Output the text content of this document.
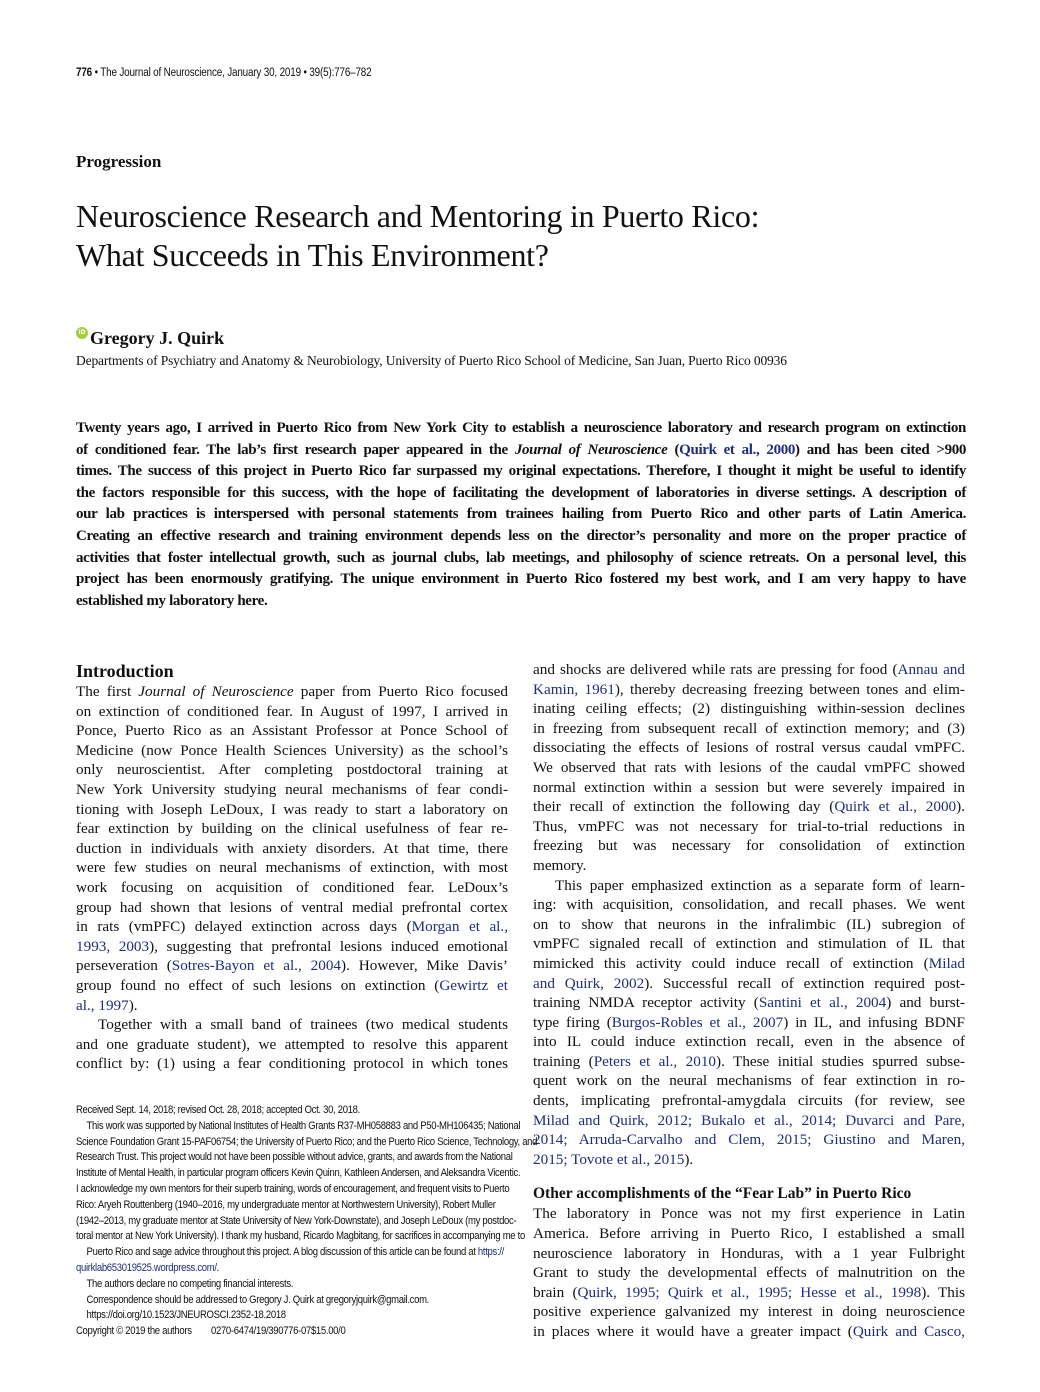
776 • The Journal of Neuroscience, January 30, 2019 • 39(5):776–782
Progression
Neuroscience Research and Mentoring in Puerto Rico:
What Succeeds in This Environment?
iD Gregory J. Quirk
Departments of Psychiatry and Anatomy & Neurobiology, University of Puerto Rico School of Medicine, San Juan, Puerto Rico 00936
Twenty years ago, I arrived in Puerto Rico from New York City to establish a neuroscience laboratory and research program on extinction
of conditioned fear. The lab’s first research paper appeared in the Journal of Neuroscience (Quirk et al., 2000) and has been cited >900
times. The success of this project in Puerto Rico far surpassed my original expectations. Therefore, I thought it might be useful to identify
the factors responsible for this success, with the hope of facilitating the development of laboratories in diverse settings. A description of
our lab practices is interspersed with personal statements from trainees hailing from Puerto Rico and other parts of Latin America.
Creating an effective research and training environment depends less on the director’s personality and more on the proper practice of
activities that foster intellectual growth, such as journal clubs, lab meetings, and philosophy of science retreats. On a personal level, this
project has been enormously gratifying. The unique environment in Puerto Rico fostered my best work, and I am very happy to have
established my laboratory here.
Introduction
The first Journal of Neuroscience paper from Puerto Rico focused
on extinction of conditioned fear. In August of 1997, I arrived in
Ponce, Puerto Rico as an Assistant Professor at Ponce School of
Medicine (now Ponce Health Sciences University) as the school’s
only neuroscientist. After completing postdoctoral training at
New York University studying neural mechanisms of fear condi-
tioning with Joseph LeDoux, I was ready to start a laboratory on
fear extinction by building on the clinical usefulness of fear re-
duction in individuals with anxiety disorders. At that time, there
were few studies on neural mechanisms of extinction, with most
work focusing on acquisition of conditioned fear. LeDoux’s
group had shown that lesions of ventral medial prefrontal cortex
in rats (vmPFC) delayed extinction across days (Morgan et al.,
1993, 2003), suggesting that prefrontal lesions induced emotional
perseveration (Sotres-Bayon et al., 2004). However, Mike Davis’
group found no effect of such lesions on extinction (Gewirtz et
al., 1997).
Together with a small band of trainees (two medical students
and one graduate student), we attempted to resolve this apparent
conflict by: (1) using a fear conditioning protocol in which tones
and shocks are delivered while rats are pressing for food (Annau and
Kamin, 1961), thereby decreasing freezing between tones and elim-
inating ceiling effects; (2) distinguishing within-session declines
in freezing from subsequent recall of extinction memory; and (3)
dissociating the effects of lesions of rostral versus caudal vmPFC.
We observed that rats with lesions of the caudal vmPFC showed
normal extinction within a session but were severely impaired in
their recall of extinction the following day (Quirk et al., 2000).
Thus, vmPFC was not necessary for trial-to-trial reductions in
freezing but was necessary for consolidation of extinction
memory.
This paper emphasized extinction as a separate form of learn-
ing: with acquisition, consolidation, and recall phases. We went
on to show that neurons in the infralimbic (IL) subregion of
vmPFC signaled recall of extinction and stimulation of IL that
mimicked this activity could induce recall of extinction (Milad
and Quirk, 2002). Successful recall of extinction required post-
training NMDA receptor activity (Santini et al., 2004) and burst-
type firing (Burgos-Robles et al., 2007) in IL, and infusing BDNF
into IL could induce extinction recall, even in the absence of
training (Peters et al., 2010). These initial studies spurred subse-
quent work on the neural mechanisms of fear extinction in ro-
dents, implicating prefrontal-amygdala circuits (for review, see
Milad and Quirk, 2012; Bukalo et al., 2014; Duvarci and Pare,
2014; Arruda-Carvalho and Clem, 2015; Giustino and Maren,
2015; Tovote et al., 2015).
Other accomplishments of the “Fear Lab” in Puerto Rico
The laboratory in Ponce was not my first experience in Latin
America. Before arriving in Puerto Rico, I established a small
neuroscience laboratory in Honduras, with a 1 year Fulbright
Grant to study the developmental effects of malnutrition on the
brain (Quirk, 1995; Quirk et al., 1995; Hesse et al., 1998). This
positive experience galvanized my interest in doing neuroscience
in places where it would have a greater impact (Quirk and Casco,
Received Sept. 14, 2018; revised Oct. 28, 2018; accepted Oct. 30, 2018.
This work was supported by National Institutes of Health Grants R37-MH058883 and P50-MH106435; National
Science Foundation Grant 15-PAF06754; the University of Puerto Rico; and the Puerto Rico Science, Technology, and
Research Trust. This project would not have been possible without advice, grants, and awards from the National
Institute of Mental Health, in particular program officers Kevin Quinn, Kathleen Andersen, and Aleksandra Vicentic.
I acknowledge my own mentors for their superb training, words of encouragement, and frequent visits to Puerto
Rico: Aryeh Routtenberg (1940–2016, my undergraduate mentor at Northwestern University), Robert Muller
(1942–2013, my graduate mentor at State University of New York-Downstate), and Joseph LeDoux (my postdoc-
toral mentor at New York University). I thank my husband, Ricardo Magbitang, for sacrifices in accompanying me to
Puerto Rico and sage advice throughout this project. A blog discussion of this article can be found at https://
quirklab653019525.wordpress.com/.
The authors declare no competing financial interests.
Correspondence should be addressed to Gregory J. Quirk at gregoryjquirk@gmail.com.
https://doi.org/10.1523/JNEUROSCI.2352-18.2018
Copyright © 2019 the authors 0270-6474/19/390776-07$15.00/0
